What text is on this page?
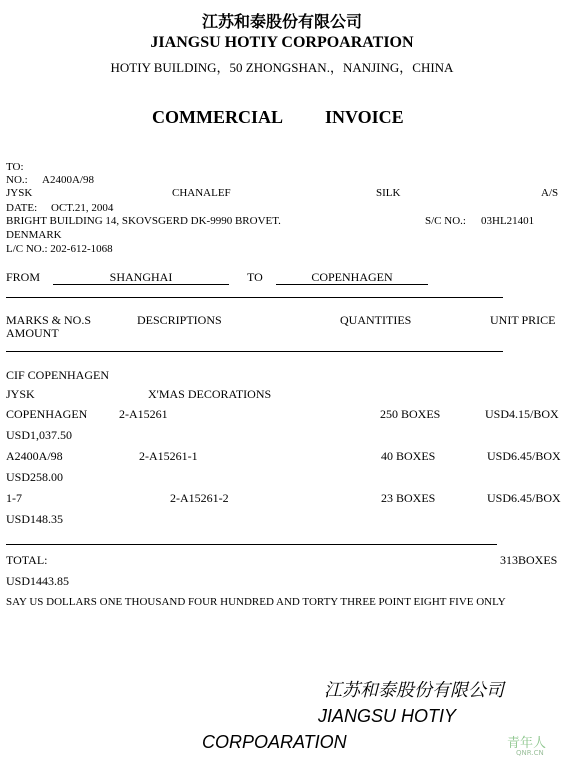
江苏和泰股份有限公司
JIANGSU HOTIY CORPOARATION
HOTIY BUILDING，50 ZHONGSHAN.，NANJING，CHINA
COMMERCIAL INVOICE
TO:
NO.: A2400A/98
JYSK	CHANALEF	SILK	A/S
DATE: OCT.21, 2004
BRIGHT BUILDING 14, SKOVSGERD DK-9990 BROVET.	S/C NO.: 03HL21401
DENMARK
L/C NO.: 202-612-1068
FROM	SHANGHAI	TO	COPENHAGEN
MARKS & NO.S	DESCRIPTIONS	QUANTITIES	UNIT PRICE
AMOUNT
CIF COPENHAGEN
JYSK	X'MAS DECORATIONS
COPENHAGEN	2-A15261	250 BOXES	USD4.15/BOX
USD1,037.50
A2400A/98	2-A15261-1	40 BOXES	USD6.45/BOX
USD258.00
1-7	2-A15261-2	23 BOXES	USD6.45/BOX
USD148.35
TOTAL:	313BOXES
USD1443.85
SAY US DOLLARS ONE THOUSAND FOUR HUNDRED AND TORTY THREE POINT EIGHT FIVE ONLY
江苏和泰股份有限公司
JIANGSU HOTIY
CORPOARATION	青年人
QNR.CN
